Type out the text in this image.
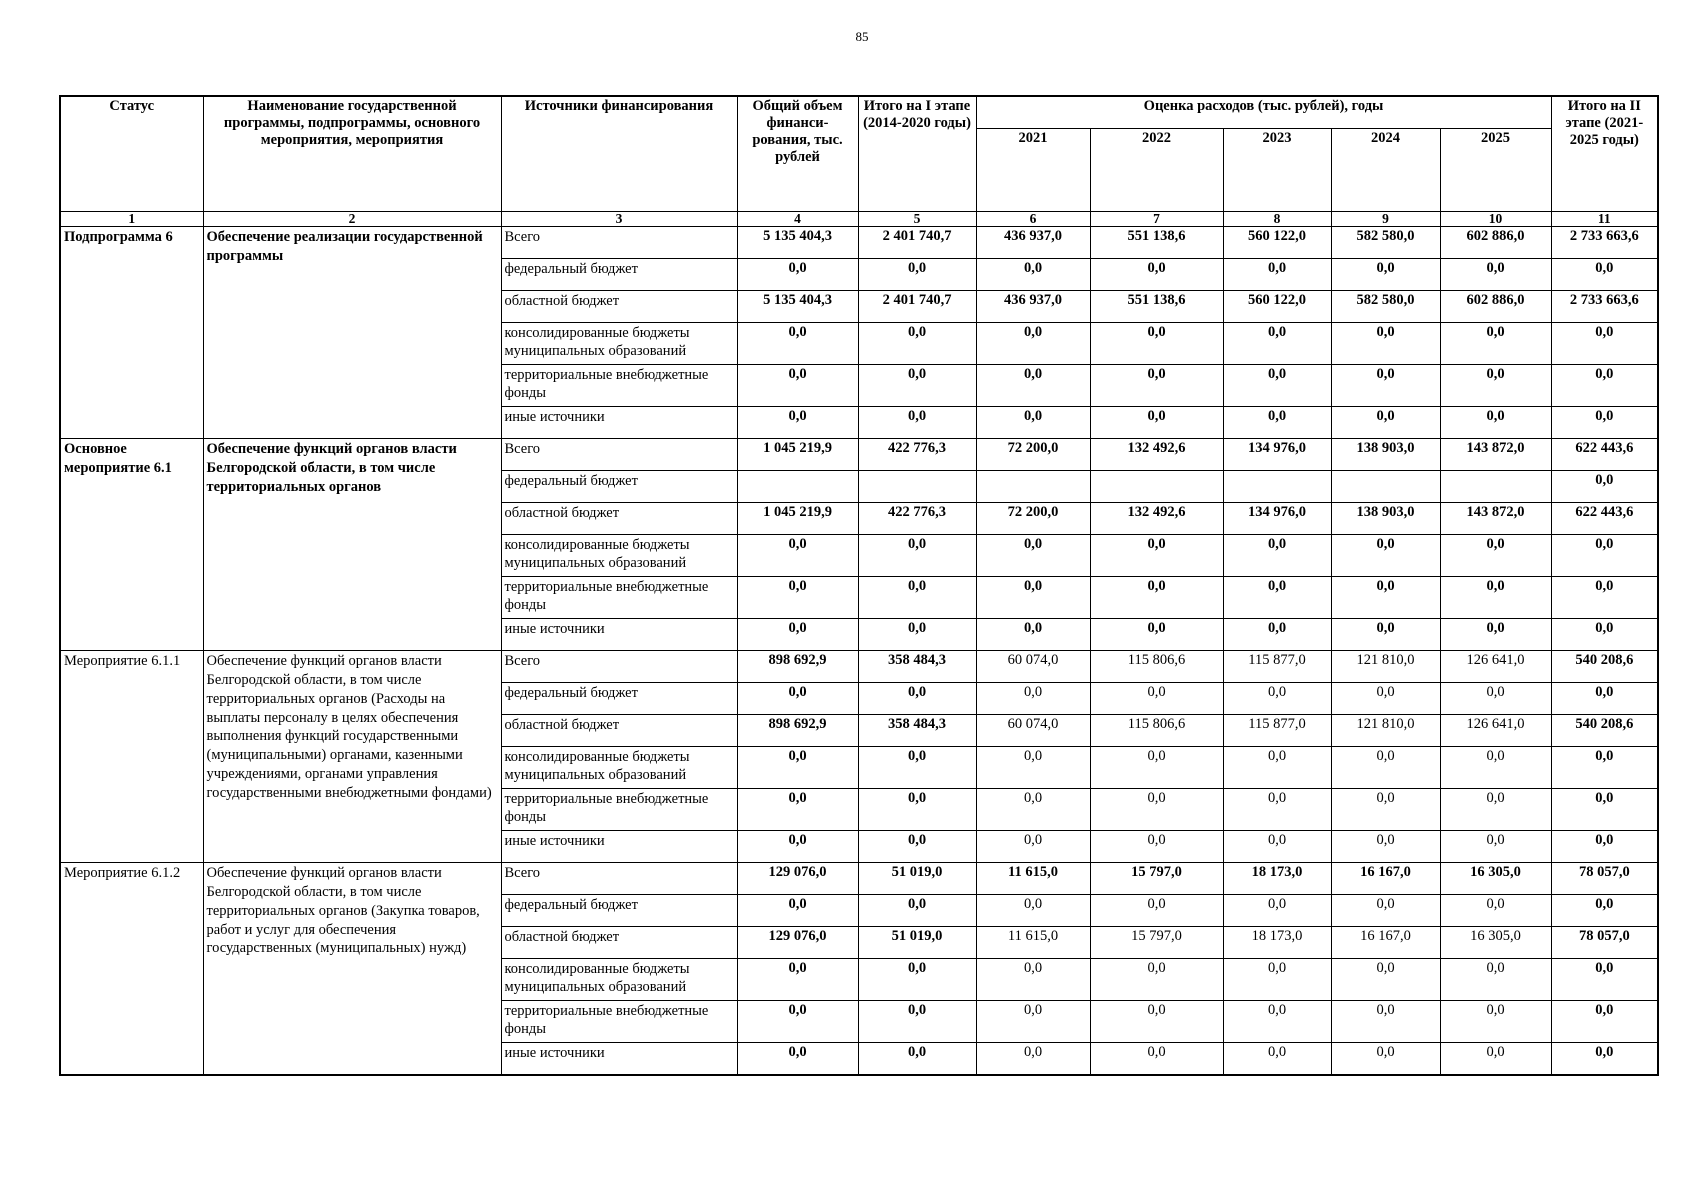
85
Статус	Наименование государственной программы, подпрограммы, основного мероприятия, мероприятия	Источники финансирования	Общий объем финанси-рования, тыс. рублей	Итого на I этапе (2014-2020 годы)	Оценка расходов (тыс. рублей), годы					Итого на II этапе (2021-2025 годы)
					2021	2022	2023	2024	2025	
1	2	3	4	5	6	7	8	9	10	11
Подпрограмма 6	Обеспечение реализации государственной программы	Всего	5 135 404,3	2 401 740,7	436 937,0	551 138,6	560 122,0	582 580,0	602 886,0	2 733 663,6
		федеральный бюджет	0,0	0,0	0,0	0,0	0,0	0,0	0,0	0,0
		областной бюджет	5 135 404,3	2 401 740,7	436 937,0	551 138,6	560 122,0	582 580,0	602 886,0	2 733 663,6
		консолидированные бюджеты муниципальных образований	0,0	0,0	0,0	0,0	0,0	0,0	0,0	0,0
		территориальные внебюджетные фонды	0,0	0,0	0,0	0,0	0,0	0,0	0,0	0,0
		иные источники	0,0	0,0	0,0	0,0	0,0	0,0	0,0	0,0
Основное мероприятие 6.1	Обеспечение функций органов власти Белгородской области, в том числе территориальных органов	Всего	1 045 219,9	422 776,3	72 200,0	132 492,6	134 976,0	138 903,0	143 872,0	622 443,6
		федеральный бюджет								0,0
		областной бюджет	1 045 219,9	422 776,3	72 200,0	132 492,6	134 976,0	138 903,0	143 872,0	622 443,6
		консолидированные бюджеты муниципальных образований	0,0	0,0	0,0	0,0	0,0	0,0	0,0	0,0
		территориальные внебюджетные фонды	0,0	0,0	0,0	0,0	0,0	0,0	0,0	0,0
		иные источники	0,0	0,0	0,0	0,0	0,0	0,0	0,0	0,0
Мероприятие 6.1.1	Обеспечение функций органов власти Белгородской области, в том числе территориальных органов (Расходы на выплаты персоналу в целях обеспечения выполнения функций государственными (муниципальными) органами, казенными учреждениями, органами управления государственными внебюджетными фондами)	Всего	898 692,9	358 484,3	60 074,0	115 806,6	115 877,0	121 810,0	126 641,0	540 208,6
		федеральный бюджет	0,0	0,0	0,0	0,0	0,0	0,0	0,0	0,0
		областной бюджет	898 692,9	358 484,3	60 074,0	115 806,6	115 877,0	121 810,0	126 641,0	540 208,6
		консолидированные бюджеты муниципальных образований	0,0	0,0	0,0	0,0	0,0	0,0	0,0	0,0
		территориальные внебюджетные фонды	0,0	0,0	0,0	0,0	0,0	0,0	0,0	0,0
		иные источники	0,0	0,0	0,0	0,0	0,0	0,0	0,0	0,0
Мероприятие 6.1.2	Обеспечение функций органов власти Белгородской области, в том числе территориальных органов (Закупка товаров, работ и услуг для обеспечения государственных (муниципальных) нужд)	Всего	129 076,0	51 019,0	11 615,0	15 797,0	18 173,0	16 167,0	16 305,0	78 057,0
		федеральный бюджет	0,0	0,0	0,0	0,0	0,0	0,0	0,0	0,0
		областной бюджет	129 076,0	51 019,0	11 615,0	15 797,0	18 173,0	16 167,0	16 305,0	78 057,0
		консолидированные бюджеты муниципальных образований	0,0	0,0	0,0	0,0	0,0	0,0	0,0	0,0
		территориальные внебюджетные фонды	0,0	0,0	0,0	0,0	0,0	0,0	0,0	0,0
		иные источники	0,0	0,0	0,0	0,0	0,0	0,0	0,0	0,0
